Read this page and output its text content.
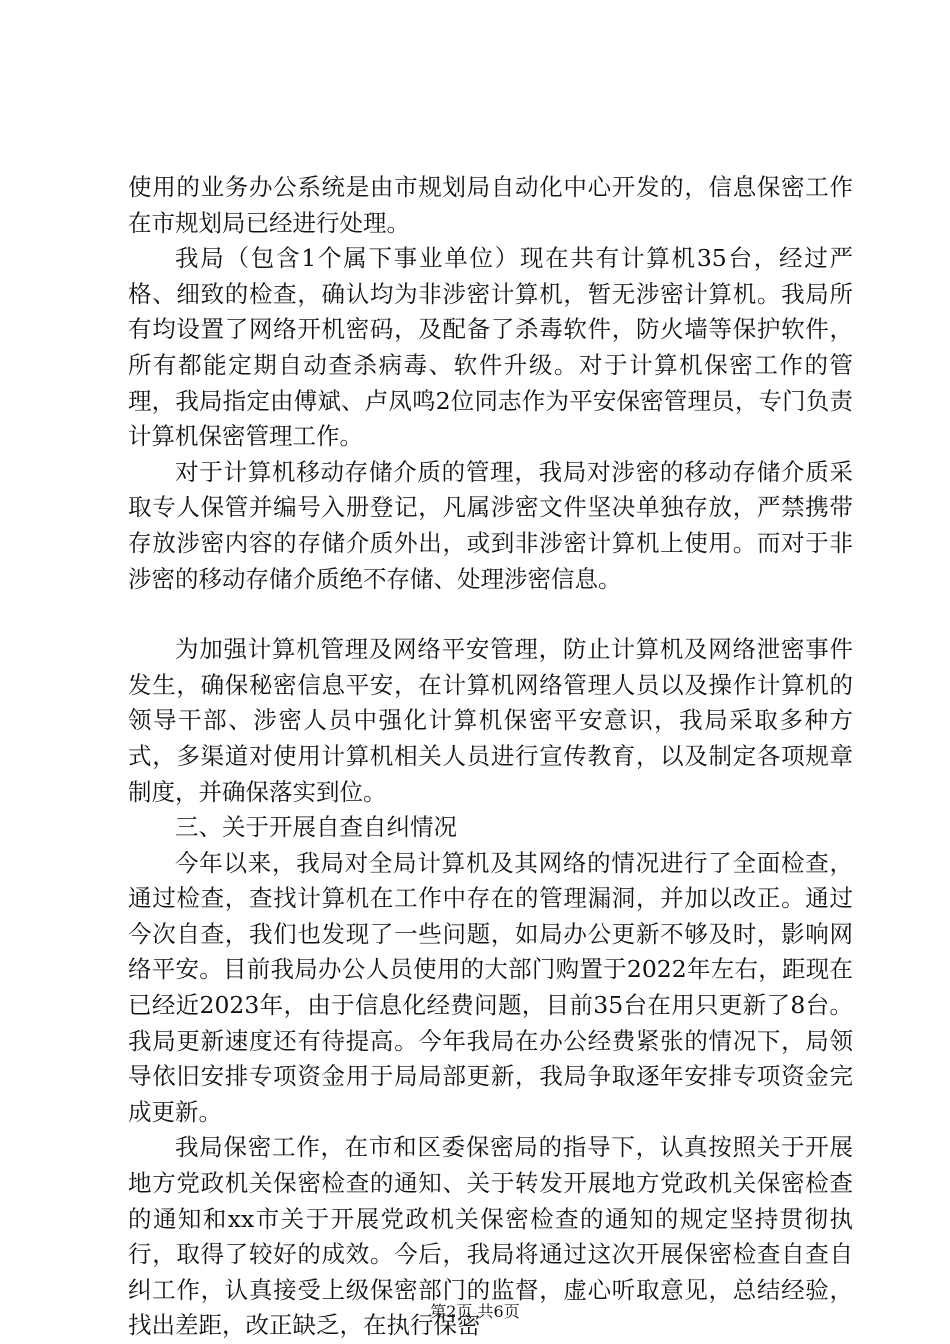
使用的业务办公系统是由市规划局自动化中心开发的，信息保密工作在市规划局已经进行处理。

我局（包含1个属下事业单位）现在共有计算机35台，经过严格、细致的检查，确认均为非涉密计算机，暂无涉密计算机。我局所有均设置了网络开机密码，及配备了杀毒软件，防火墙等保护软件，所有都能定期自动查杀病毒、软件升级。对于计算机保密工作的管理，我局指定由傅斌、卢凤鸣2位同志作为平安保密管理员，专门负责计算机保密管理工作。

对于计算机移动存储介质的管理，我局对涉密的移动存储介质采取专人保管并编号入册登记，凡属涉密文件坚决单独存放，严禁携带存放涉密内容的存储介质外出，或到非涉密计算机上使用。而对于非涉密的移动存储介质绝不存储、处理涉密信息。

为加强计算机管理及网络平安管理，防止计算机及网络泄密事件发生，确保秘密信息平安，在计算机网络管理人员以及操作计算机的领导干部、涉密人员中强化计算机保密平安意识，我局采取多种方式，多渠道对使用计算机相关人员进行宣传教育，以及制定各项规章制度，并确保落实到位。

三、关于开展自查自纠情况

今年以来，我局对全局计算机及其网络的情况进行了全面检查，通过检查，查找计算机在工作中存在的管理漏洞，并加以改正。通过今次自查，我们也发现了一些问题，如局办公更新不够及时，影响网络平安。目前我局办公人员使用的大部门购置于2022年左右，距现在已经近2023年，由于信息化经费问题，目前35台在用只更新了8台。我局更新速度还有待提高。今年我局在办公经费紧张的情况下，局领导依旧安排专项资金用于局局部更新，我局争取逐年安排专项资金完成更新。

我局保密工作，在市和区委保密局的指导下，认真按照关于开展地方党政机关保密检查的通知、关于转发开展地方党政机关保密检查的通知和xx市关于开展党政机关保密检查的通知的规定坚持贯彻执行，取得了较好的成效。今后，我局将通过这次开展保密检查自查自纠工作，认真接受上级保密部门的监督，虚心听取意见，总结经验，找出差距，改正缺乏，在执行保密

第2页 共6页
